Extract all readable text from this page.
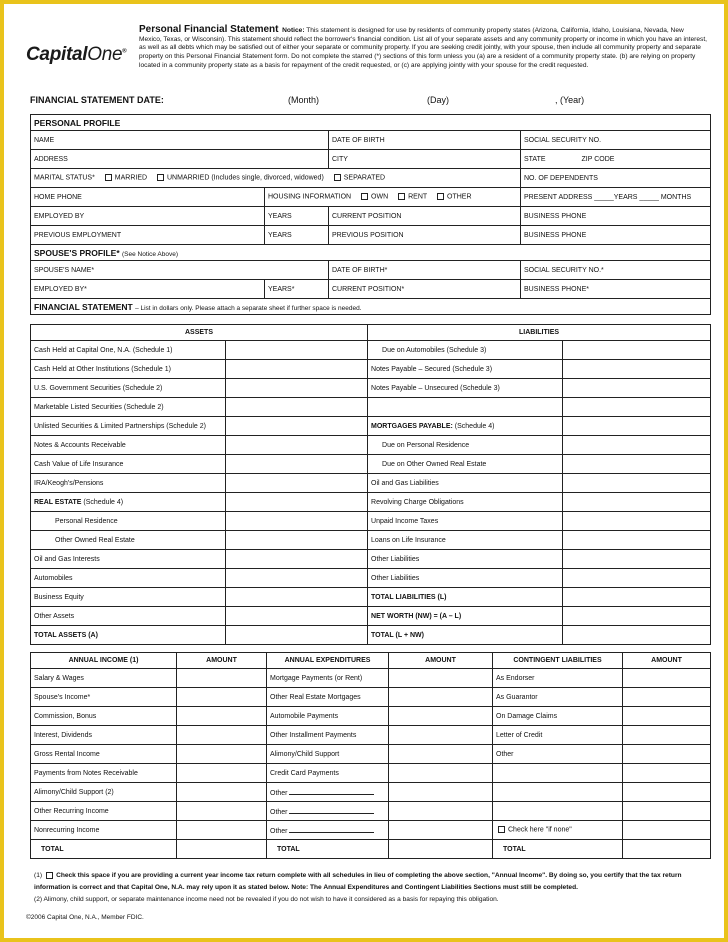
CapitalOne®
Personal Financial Statement Notice: This statement is designed for use by residents of community property states (Arizona, California, Idaho, Louisiana, Nevada, New Mexico, Texas, or Wisconsin). This statement should reflect the borrower's financial condition. List all of your separate assets and any community property or income in which you have an interest, as well as all debts which may be satisfied out of either your separate or community property. If you are seeking credit jointly, with your spouse, then include all community property and separate property on this Personal Financial Statement form. Do not complete the starred (*) sections of this form unless you (a) are a resident of a community property state. (b) are relying on property located in a community property state as a basis for repayment of the credit requested, or (c) are applying jointly with your spouse for the credit requested.
FINANCIAL STATEMENT DATE:	(Month)	(Day)	, (Year)
PERSONAL PROFILE			
NAME		DATE OF BIRTH	SOCIAL SECURITY NO.
ADDRESS		CITY	STATE ZIP CODE
MARITAL STATUS* MARRIED UNMARRIED (Includes single, divorced, widowed) SEPARATED			NO. OF DEPENDENTS
HOME PHONE	HOUSING INFORMATION OWN RENT OTHER		PRESENT ADDRESS _____YEARS _____ MONTHS
EMPLOYED BY	YEARS	CURRENT POSITION	BUSINESS PHONE
PREVIOUS EMPLOYMENT	YEARS	PREVIOUS POSITION	BUSINESS PHONE
SPOUSE'S PROFILE* (See Notice Above)			
SPOUSE'S NAME*		DATE OF BIRTH*	SOCIAL SECURITY NO.*
EMPLOYED BY*	YEARS*	CURRENT POSITION*	BUSINESS PHONE*
FINANCIAL STATEMENT – List in dollars only. Please attach a separate sheet if further space is needed.			
ASSETS		LIABILITIES	
Cash Held at Capital One, N.A. (Schedule 1)		Due on Automobiles (Schedule 3)	
Cash Held at Other Institutions (Schedule 1)		Notes Payable – Secured (Schedule 3)	
U.S. Government Securities (Schedule 2)		Notes Payable – Unsecured (Schedule 3)	
Marketable Listed Securities (Schedule 2)			
Unlisted Securities & Limited Partnerships (Schedule 2)		MORTGAGES PAYABLE: (Schedule 4)	
Notes & Accounts Receivable		Due on Personal Residence	
Cash Value of Life Insurance		Due on Other Owned Real Estate	
IRA/Keogh's/Pensions		Oil and Gas Liabilities	
REAL ESTATE (Schedule 4)		Revolving Charge Obligations	
Personal Residence		Unpaid Income Taxes	
Other Owned Real Estate		Loans on Life Insurance	
Oil and Gas Interests		Other Liabilities	
Automobiles		Other Liabilities	
Business Equity		TOTAL LIABILITIES (L)	
Other Assets		NET WORTH (NW) = (A – L)	
TOTAL ASSETS (A)		TOTAL (L + NW)	
ANNUAL INCOME (1)	AMOUNT	ANNUAL EXPENDITURES	AMOUNT	CONTINGENT LIABILITIES	AMOUNT
Salary & Wages		Mortgage Payments (or Rent)		As Endorser	
Spouse's Income*		Other Real Estate Mortgages		As Guarantor	
Commission, Bonus		Automobile Payments		On Damage Claims	
Interest, Dividends		Other Installment Payments		Letter of Credit	
Gross Rental Income		Alimony/Child Support		Other	
Payments from Notes Receivable		Credit Card Payments			
Alimony/Child Support (2)		Other			
Other Recurring Income		Other			
Nonrecurring Income		Other		Check here "if none"	
TOTAL		TOTAL		TOTAL	
(1) Check this space if you are providing a current year income tax return complete with all schedules in lieu of completing the above section, "Annual Income". By doing so, you certify that the tax return information is correct and that Capital One, N.A. may rely upon it as stated below. Note: The Annual Expenditures and Contingent Liabilities Sections must still be completed.
(2) Alimony, child support, or separate maintenance income need not be revealed if you do not wish to have it considered as a basis for repaying this obligation.
©2006 Capital One, N.A., Member FDIC.
